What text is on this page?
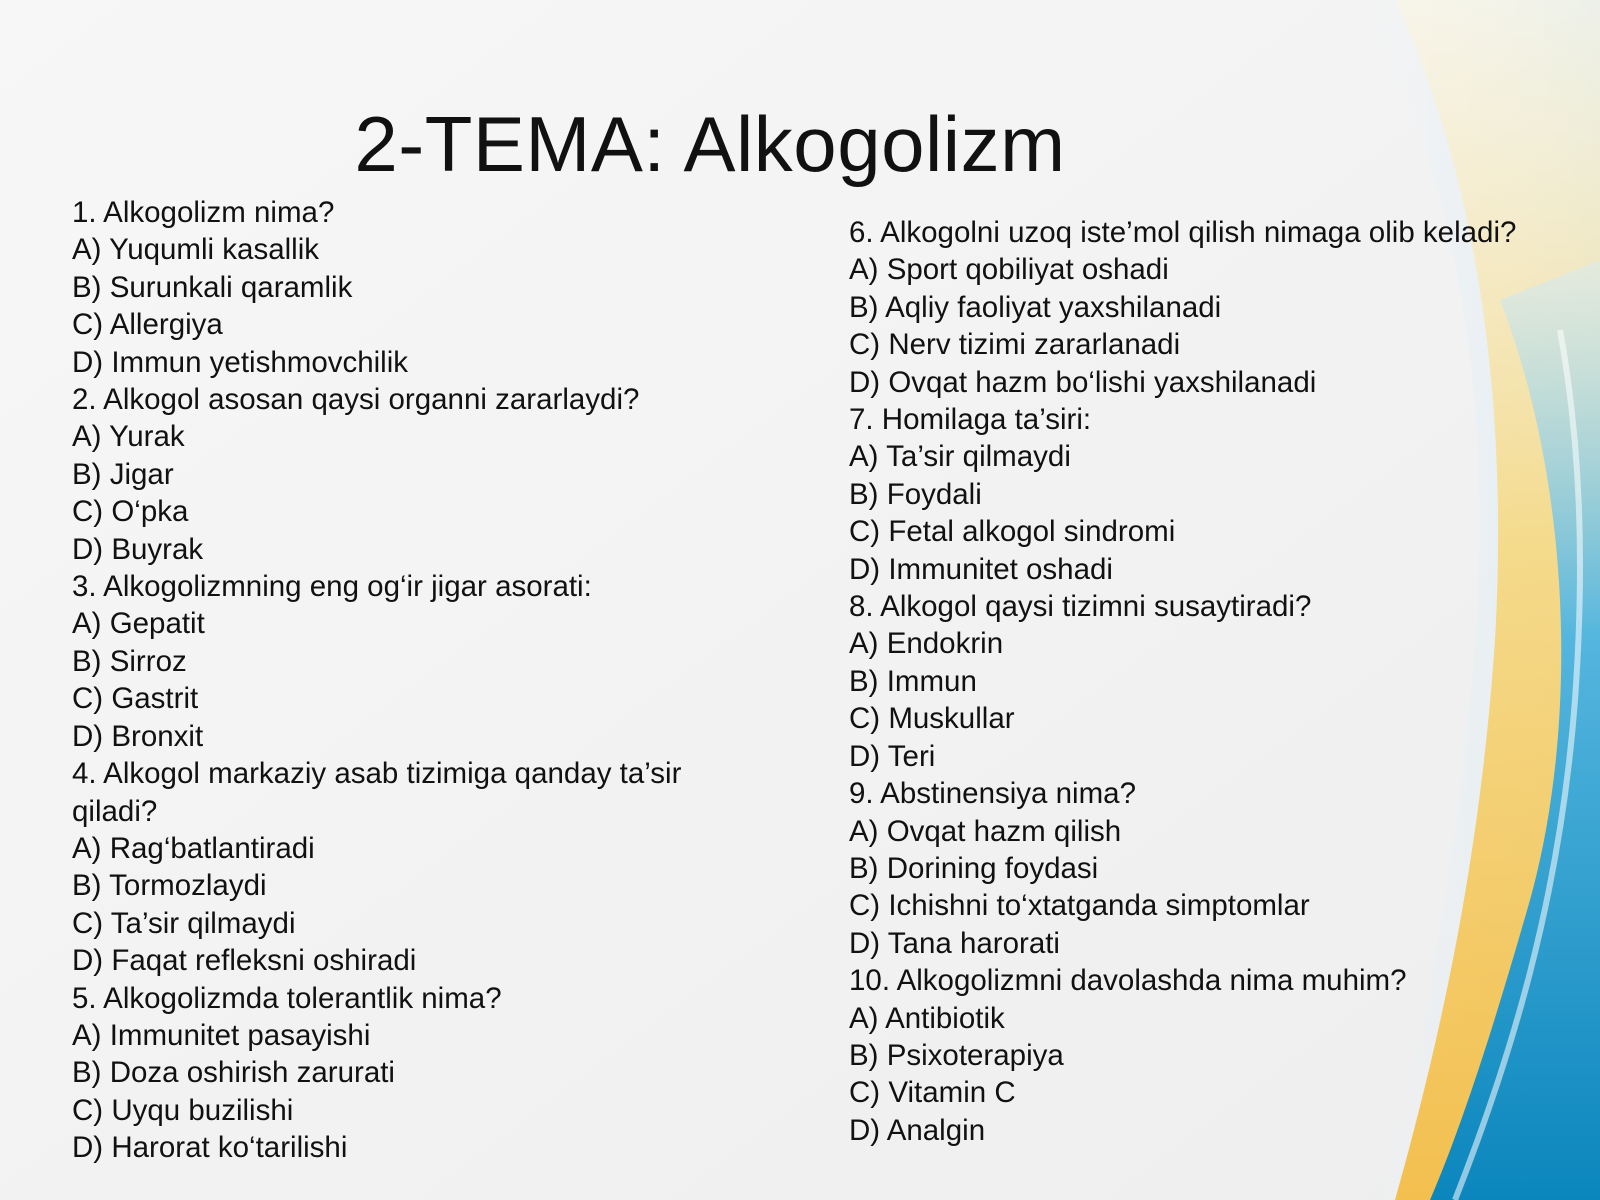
2-TEMA: Alkogolizm
1. Alkogolizm nima?
A) Yuqumli kasallik
B) Surunkali qaramlik
C) Allergiya
D) Immun yetishmovchilik
2. Alkogol asosan qaysi organni zararlaydi?
A) Yurak
B) Jigar
C) O‘pka
D) Buyrak
3. Alkogolizmning eng og‘ir jigar asorati:
A) Gepatit
B) Sirroz
C) Gastrit
D) Bronxit
4. Alkogol markaziy asab tizimiga qanday ta’sir qiladi?
A) Rag‘batlantiradi
B) Tormozlaydi
C) Ta’sir qilmaydi
D) Faqat refleksni oshiradi
5. Alkogolizmda tolerantlik nima?
A) Immunitet pasayishi
B) Doza oshirish zarurati
C) Uyqu buzilishi
D) Harorat ko‘tarilishi
6. Alkogolni uzoq iste’mol qilish nimaga olib keladi?
A) Sport qobiliyat oshadi
B) Aqliy faoliyat yaxshilanadi
C) Nerv tizimi zararlanadi
D) Ovqat hazm bo‘lishi yaxshilanadi
7. Homilaga ta’siri:
A) Ta’sir qilmaydi
B) Foydali
C) Fetal alkogol sindromi
D) Immunitet oshadi
8. Alkogol qaysi tizimni susaytiradi?
A) Endokrin
B) Immun
C) Muskullar
D) Teri
9. Abstinensiya nima?
A) Ovqat hazm qilish
B) Dorining foydasi
C) Ichishni to‘xtatganda simptomlar
D) Tana harorati
10. Alkogolizmni davolashda nima muhim?
A) Antibiotik
B) Psixoterapiya
C) Vitamin C
D) Analgin
